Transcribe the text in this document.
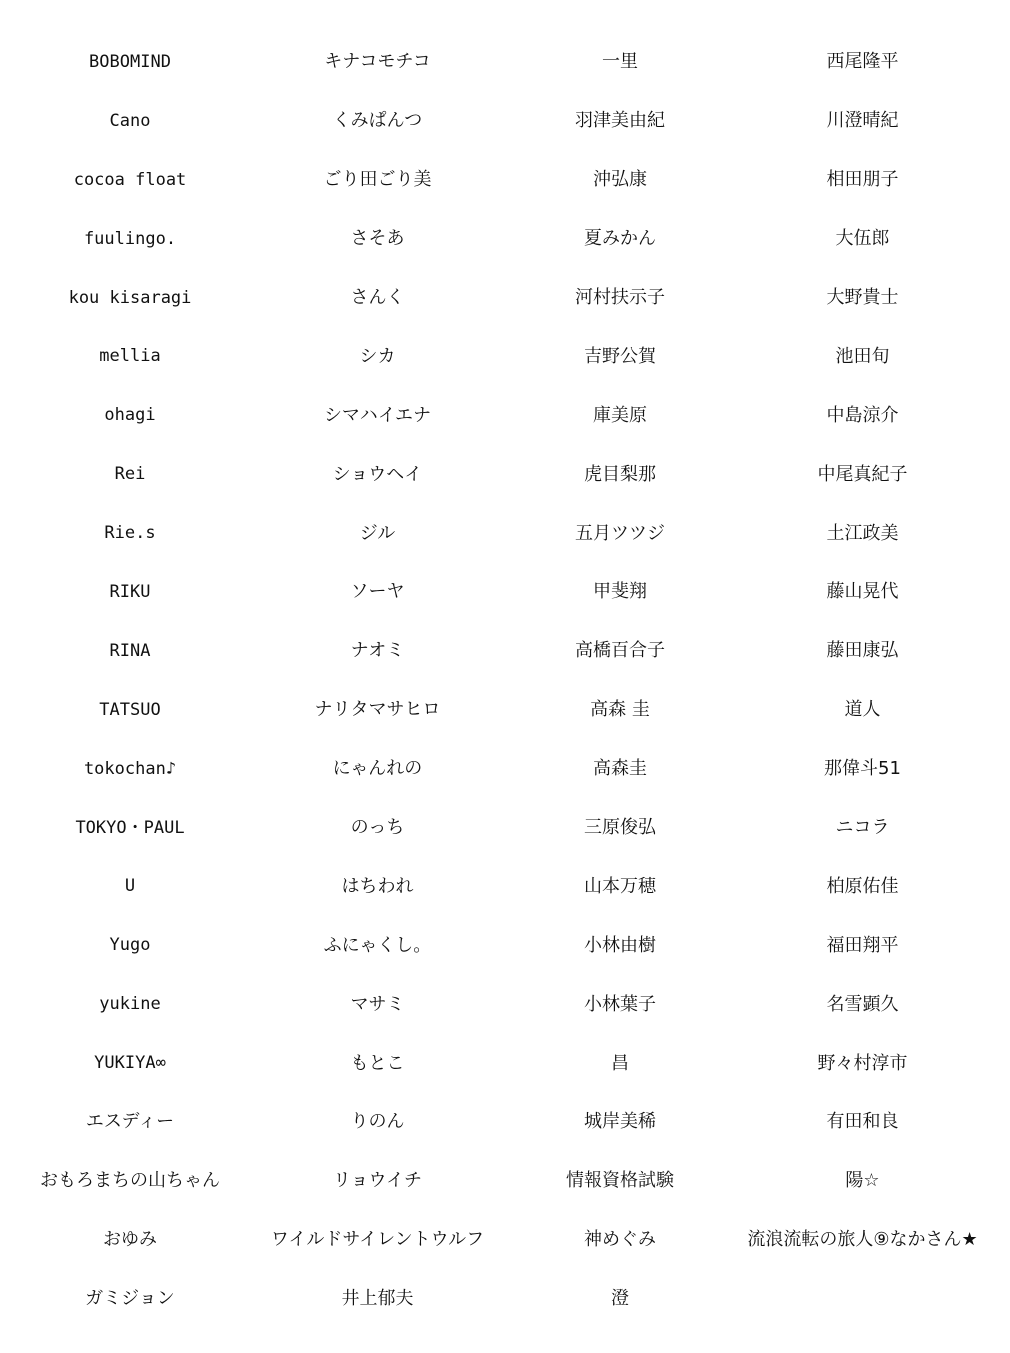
BOBOMIND	キナコモチコ	一里	西尾隆平
Cano	くみぱんつ	羽津美由紀	川澄晴紀
cocoa float	ごり田ごり美	沖弘康	相田朋子
fuulingo.	さそあ	夏みかん	大伍郎
kou kisaragi	さんく	河村扶示子	大野貴士
mellia	シカ	吉野公賀	池田旬
ohagi	シマハイエナ	庫美原	中島涼介
Rei	ショウヘイ	虎目梨那	中尾真紀子
Rie.s	ジル	五月ツツジ	土江政美
RIKU	ソーヤ	甲斐翔	藤山晃代
RINA	ナオミ	高橋百合子	藤田康弘
TATSUO	ナリタマサヒロ	高森 圭	道人
tokochan♪	にゃんれの	高森圭	那偉斗51
TOKYO・PAUL	のっち	三原俊弘	ニコラ
U	はちわれ	山本万穂	柏原佑佳
Yugo	ふにゃくし。	小林由樹	福田翔平
yukine	マサミ	小林葉子	名雪顕久
YUKIYA∞	もとこ	昌	野々村淳市
エスディー	りのん	城岸美稀	有田和良
おもろまちの山ちゃん	リョウイチ	情報資格試験	陽☆
おゆみ	ワイルドサイレントウルフ	神めぐみ	流浪流転の旅人⑨なかさん★
ガミジョン	井上郁夫	澄
